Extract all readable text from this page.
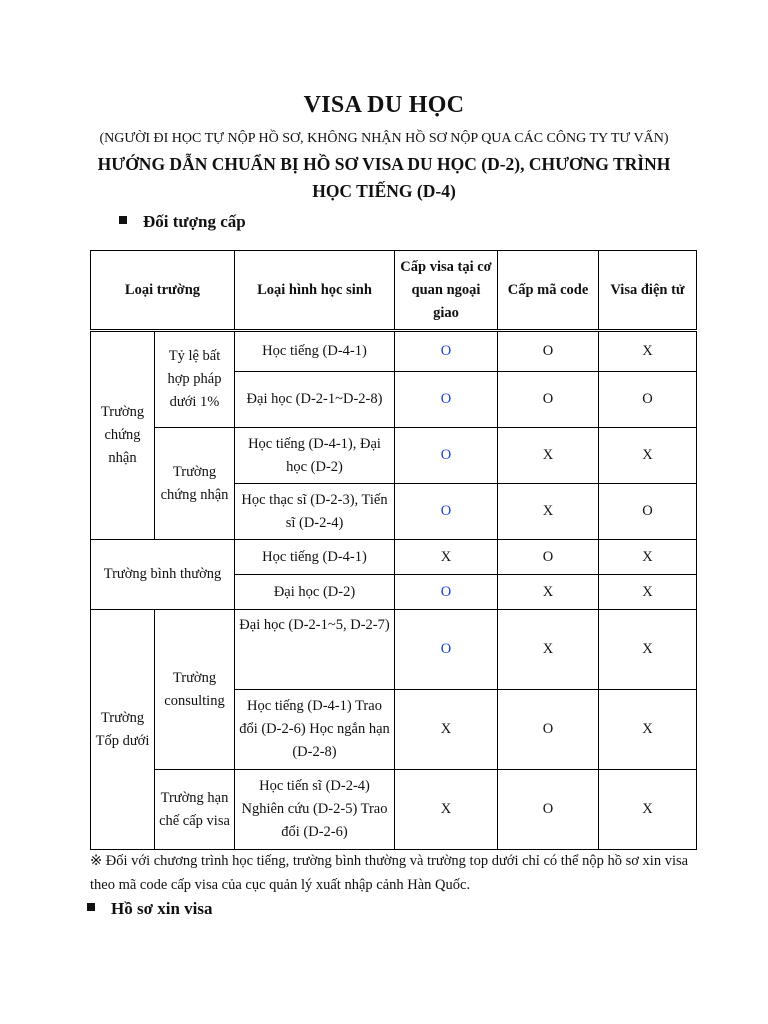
VISA DU HỌC
(NGƯỜI ĐI HỌC TỰ NỘP HỒ SƠ, KHÔNG NHẬN HỒ SƠ NỘP QUA CÁC CÔNG TY TƯ VẤN)
HƯỚNG DẪN CHUẨN BỊ HỒ SƠ VISA DU HỌC (D-2), CHƯƠNG TRÌNH HỌC TIẾNG (D-4)
Đối tượng cấp
Loại trường		Loại hình học sinh	Cấp visa tại cơ quan ngoại giao	Cấp mã code	Visa điện tử
Trường chứng nhận	Tỷ lệ bất hợp pháp dưới 1%	Học tiếng (D-4-1)	O	O	X
		Đại học (D-2-1~D-2-8)	O	O	O
	Trường chứng nhận	Học tiếng (D-4-1), Đại học (D-2)	O	X	X
		Học thạc sĩ (D-2-3), Tiến sĩ (D-2-4)	O	X	O
Trường bình thường		Học tiếng (D-4-1)	X	O	X
		Đại học (D-2)	O	X	X
Trường Tốp dưới	Trường consulting	Đại học (D-2-1~5, D-2-7)	O	X	X
		Học tiếng (D-4-1) Trao đổi (D-2-6) Học ngắn hạn (D-2-8)	X	O	X
	Trường hạn chế cấp visa	Học tiến sĩ (D-2-4) Nghiên cứu (D-2-5) Trao đổi (D-2-6)	X	O	X
※ Đối với chương trình học tiếng, trường bình thường và trường top dưới chỉ có thể nộp hồ sơ xin visa theo mã code cấp visa của cục quản lý xuất nhập cảnh Hàn Quốc.
Hồ sơ xin visa
